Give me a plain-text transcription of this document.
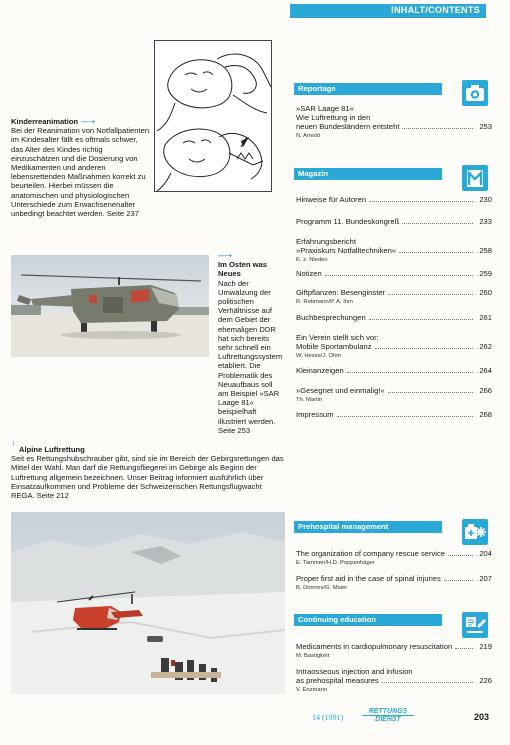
INHALT/CONTENTS
Kinderreanimation —➝
Bei der Reanimation von Notfallpatienten im Kindesalter fällt es oftmals schwer, das Alter des Kindes richtig einzuschätzen und die Dosierung von Medikamenten und anderen lebensrettenden Maßnahmen korrekt zu beurteilen. Hierbei müssen die anatomischen und physiologischen Unterschiede zum Erwachsenenalter unbedingt beachtet werden. Seite 237
—➝Im Osten was Neues
Nach der Umwälzung der politischen Verhältnisse auf dem Gebiet der ehemaligen DDR hat sich bereits sehr schnell ein Luftrettungssystem etabliert. Die Problematik des Neuaufbaus soll am Beispiel »SAR Laage 81« beispielhaft illustriert werden. Seite 253
↓
Alpine Luftrettung
Seit es Rettungshubschrauber gibt, sind sie im Bereich der Gebirgsrettungen das Mittel der Wahl. Man darf die Rettungsfliegerei im Gebirge als Beginn der Luftrettung allgemein bezeichnen. Unser Beitrag informiert ausführlich über Einsatzaufkommen und Probleme der Schweizerischen Rettungsflugwacht REGA. Seite 212
Reportage
»SAR Laage 81«
Wie Luftrettung in den
neuen Bundesländern entsteht	253
N. Arnold
Magazin
Hinweise für Autoren	230
Programm 11. Bundeskongreß	233
Erfahrungsbericht
»Praxiskurs Notfalltechniken«	258
K. z. Nieden
Notizen	259
Giftpflanzen: Besenginster	260
R. Rebmann/P. A. Ihm
Buchbesprechungen	261
Ein Verein stellt sich vor:
Mobile Sportambulanz	262
W. Hesse/J. Ohm
Kleinanzeigen	264
»Gesegnet und einmalig!«	266
Th. Martin
Impressum	268
Prehospital management
The organization of company rescue service	204
E. Tammen/H.D. Poppenhäger
Proper first aid in the case of spinal injuries	207
B. Domres/G. Maier
Continuing education
Medicaments in cardiopulmonary resuscitation	219
M. Bastigkeit
Intraosseous injection and infusion
as prehospital measures	226
V. Enzmann
14 (1991)
RETTUNGS
DIENST	203
